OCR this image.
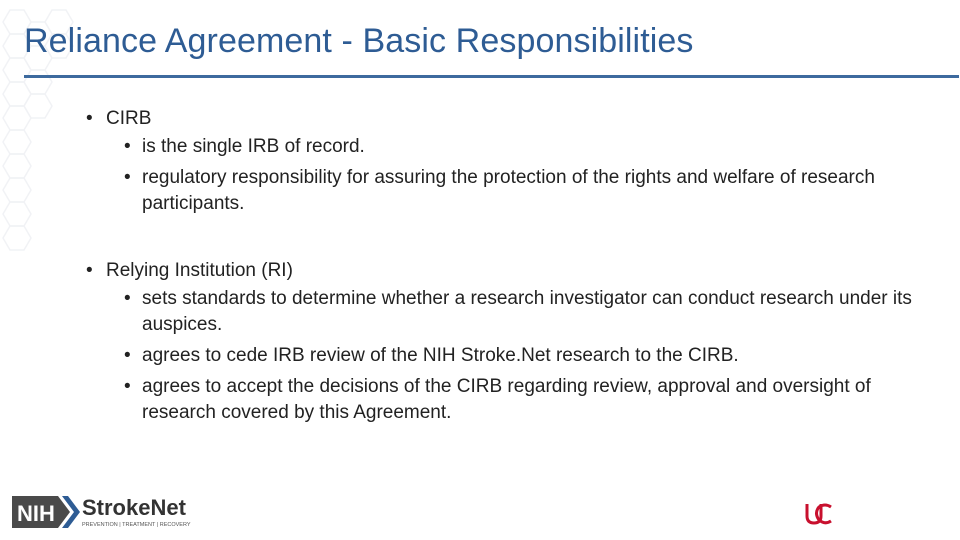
Reliance Agreement - Basic Responsibilities
• CIRB
• is the single IRB of record.
• regulatory responsibility for assuring the protection of the rights and welfare of research participants.
• Relying Institution (RI)
• sets standards to determine whether a research investigator can conduct research under its auspices.
• agrees to cede IRB review of the NIH Stroke.Net research to the CIRB.
• agrees to accept the decisions of the CIRB regarding review, approval and oversight of research covered by this Agreement.
NIH StrokeNet
PREVENTION | TREATMENT | RECOVERY
